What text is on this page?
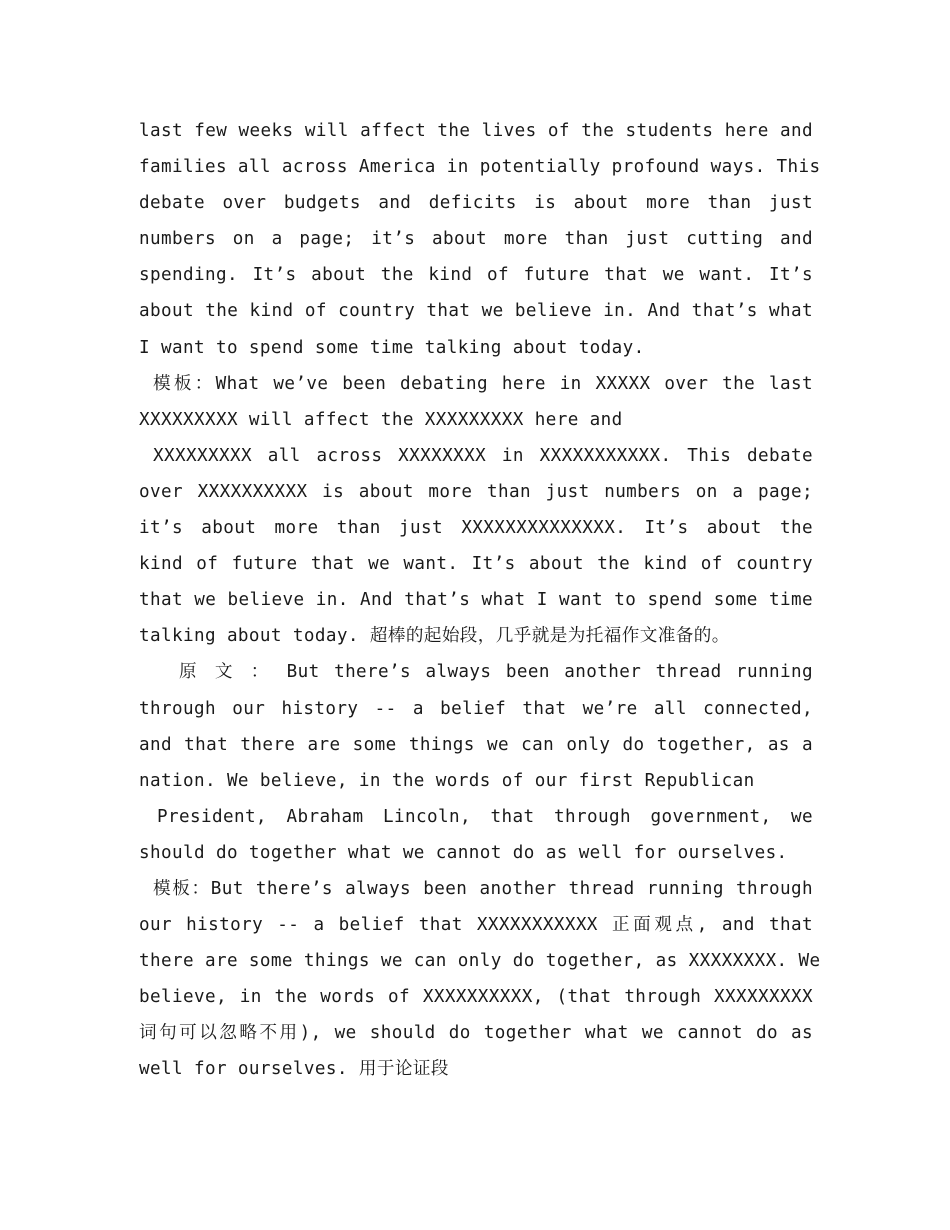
last few weeks will affect the lives of the students here and
families all across America in potentially profound ways. This
debate over budgets and deficits is about more than just
numbers on a page; it’s about more than just cutting and
spending. It’s about the kind of future that we want. It’s
about the kind of country that we believe in. And that’s what
I want to spend some time talking about today.
模板：What we’ve been debating here in XXXXX over the last
XXXXXXXXX will affect the XXXXXXXXX here and
XXXXXXXXX all across XXXXXXXX in XXXXXXXXXXX. This debate
over XXXXXXXXXX is about more than just numbers on a page;
it’s about more than just XXXXXXXXXXXXXX. It’s about the
kind of future that we want. It’s about the kind of country
that we believe in. And that’s what I want to spend some time
talking about today. 超棒的起始段，几乎就是为托福作文准备的。
原 文 ： But there’s always been another thread running
through our history -- a belief that we’re all connected,
and that there are some things we can only do together, as a
nation. We believe, in the words of our first Republican
President, Abraham Lincoln, that through government, we
should do together what we cannot do as well for ourselves.
模板：But there’s always been another thread running through
our history -- a belief that XXXXXXXXXXX 正面观点, and that
there are some things we can only do together, as XXXXXXXX. We
believe, in the words of XXXXXXXXXX, (that through XXXXXXXXX
词句可以忽略不用), we should do together what we cannot do as
well for ourselves. 用于论证段
